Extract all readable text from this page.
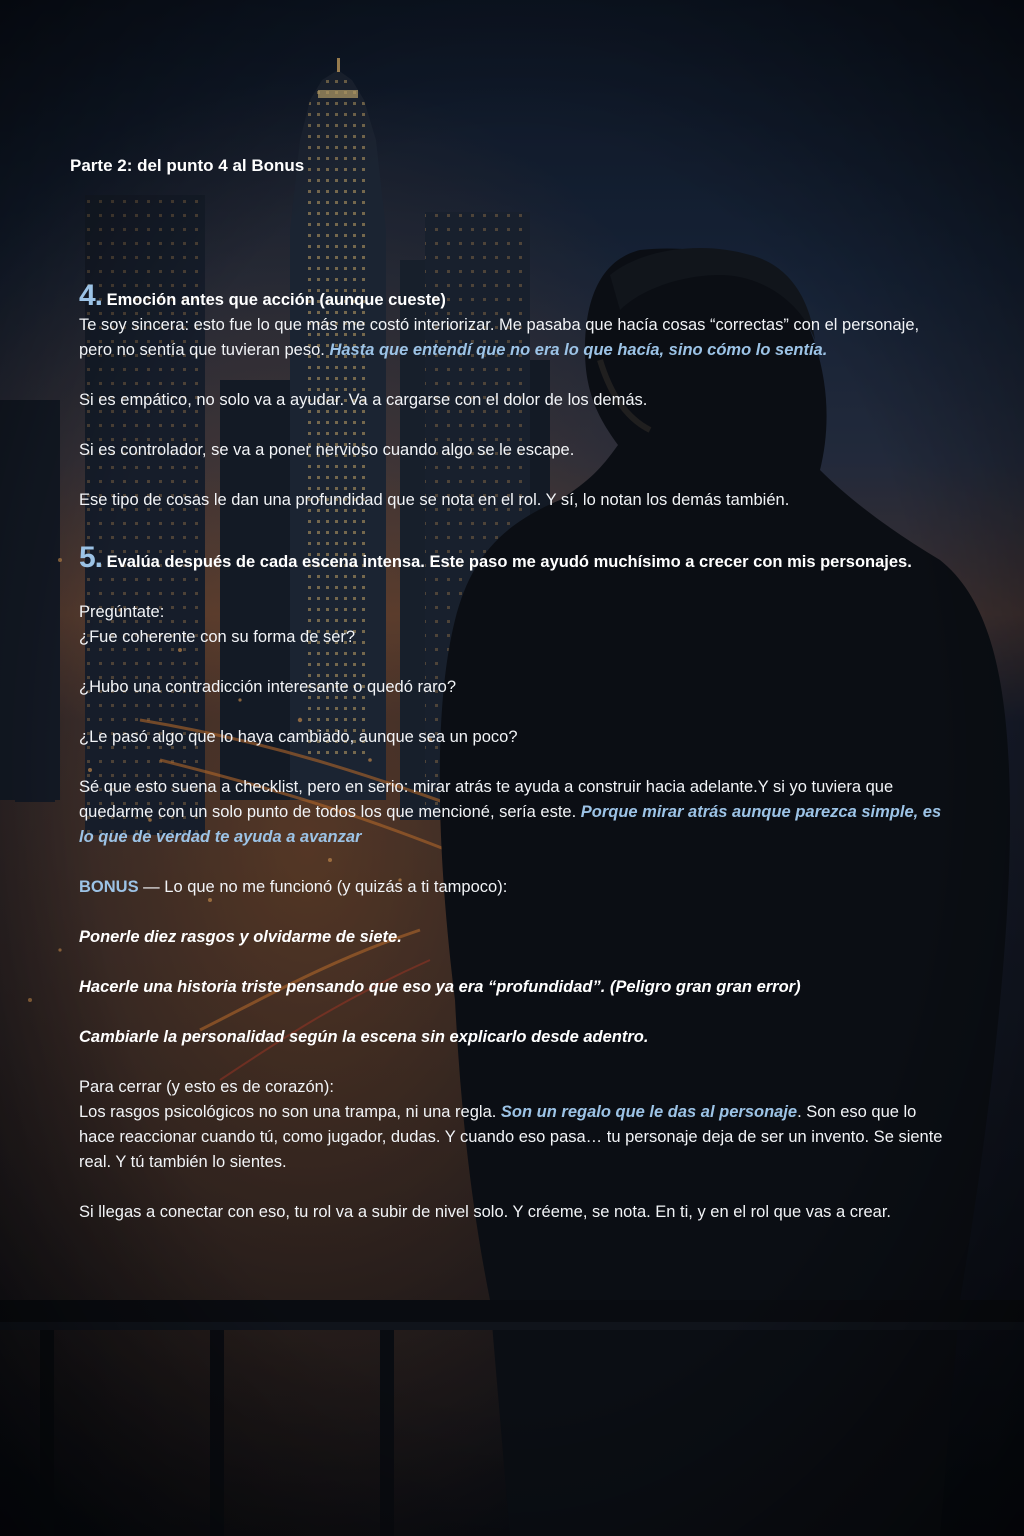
Parte 2: del punto 4 al Bonus

4. Emoción antes que acción (aunque cueste)

Te soy sincera: esto fue lo que más me costó interiorizar. Me pasaba que hacía cosas “correctas” con el personaje, pero no sentía que tuvieran peso. Hasta que entendí que no era lo que hacía, sino cómo lo sentía.

Si es empático, no solo va a ayudar. Va a cargarse con el dolor de los demás.

Si es controlador, se va a poner nervioso cuando algo se le escape.

Ese tipo de cosas le dan una profundidad que se nota en el rol. Y sí, lo notan los demás también.

5. Evalúa después de cada escena intensa. Este paso me ayudó muchísimo a crecer con mis personajes.

Pregúntate:

¿Fue coherente con su forma de ser?

¿Hubo una contradicción interesante o quedó raro?

¿Le pasó algo que lo haya cambiado, aunque sea un poco?

Sé que esto suena a checklist, pero en serio: mirar atrás te ayuda a construir hacia adelante.Y si yo tuviera que quedarme con un solo punto de todos los que mencioné, sería este. Porque mirar atrás aunque parezca simple, es lo que de verdad te ayuda a avanzar

BONUS — Lo que no me funcionó (y quizás a ti tampoco):

Ponerle diez rasgos y olvidarme de siete.

Hacerle una historia triste pensando que eso ya era “profundidad”. (Peligro gran gran error)

Cambiarle la personalidad según la escena sin explicarlo desde adentro.

Para cerrar (y esto es de corazón):

Los rasgos psicológicos no son una trampa, ni una regla. Son un regalo que le das al personaje. Son eso que lo hace reaccionar cuando tú, como jugador, dudas. Y cuando eso pasa… tu personaje deja de ser un invento. Se siente real. Y tú también lo sientes.

Si llegas a conectar con eso, tu rol va a subir de nivel solo. Y créeme, se nota. En ti, y en el rol que vas a crear.
